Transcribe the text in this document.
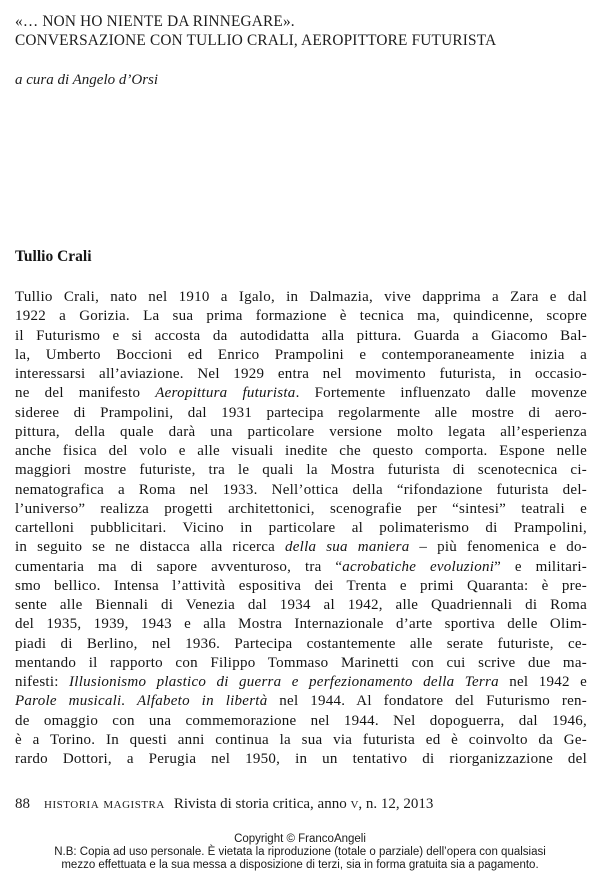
«… NON HO NIENTE DA RINNEGARE».
CONVERSAZIONE CON TULLIO CRALI, AEROPITTORE FUTURISTA
a cura di Angelo d’Orsi
Tullio Crali
Tullio Crali, nato nel 1910 a Igalo, in Dalmazia, vive dapprima a Zara e dal
1922 a Gorizia. La sua prima formazione è tecnica ma, quindicenne, scopre
il Futurismo e si accosta da autodidatta alla pittura. Guarda a Giacomo Bal-
la, Umberto Boccioni ed Enrico Prampolini e contemporaneamente inizia a
interessarsi all’aviazione. Nel 1929 entra nel movimento futurista, in occasio-
ne del manifesto Aeropittura futurista. Fortemente influenzato dalle movenze
sideree di Prampolini, dal 1931 partecipa regolarmente alle mostre di aero-
pittura, della quale darà una particolare versione molto legata all’esperienza
anche fisica del volo e alle visuali inedite che questo comporta. Espone nelle
maggiori mostre futuriste, tra le quali la Mostra futurista di scenotecnica ci-
nematografica a Roma nel 1933. Nell’ottica della “rifondazione futurista del-
l’universo” realizza progetti architettonici, scenografie per “sintesi” teatrali e
cartelloni pubblicitari. Vicino in particolare al polimaterismo di Prampolini,
in seguito se ne distacca alla ricerca della sua maniera – più fenomenica e do-
cumentaria ma di sapore avventuroso, tra “acrobatiche evoluzioni” e militari-
smo bellico. Intensa l’attività espositiva dei Trenta e primi Quaranta: è pre-
sente alle Biennali di Venezia dal 1934 al 1942, alle Quadriennali di Roma
del 1935, 1939, 1943 e alla Mostra Internazionale d’arte sportiva delle Olim-
piadi di Berlino, nel 1936. Partecipa costantemente alle serate futuriste, ce-
mentando il rapporto con Filippo Tommaso Marinetti con cui scrive due ma-
nifesti: Illusionismo plastico di guerra e perfezionamento della Terra nel 1942 e
Parole musicali. Alfabeto in libertà nel 1944. Al fondatore del Futurismo ren-
de omaggio con una commemorazione nel 1944. Nel dopoguerra, dal 1946,
è a Torino. In questi anni continua la sua via futurista ed è coinvolto da Ge-
rardo Dottori, a Perugia nel 1950, in un tentativo di riorganizzazione del
88 historia magistra Rivista di storia critica, anno v, n. 12, 2013
Copyright © FrancoAngeli
N.B: Copia ad uso personale. È vietata la riproduzione (totale o parziale) dell’opera con qualsiasi
mezzo effettuata e la sua messa a disposizione di terzi, sia in forma gratuita sia a pagamento.
